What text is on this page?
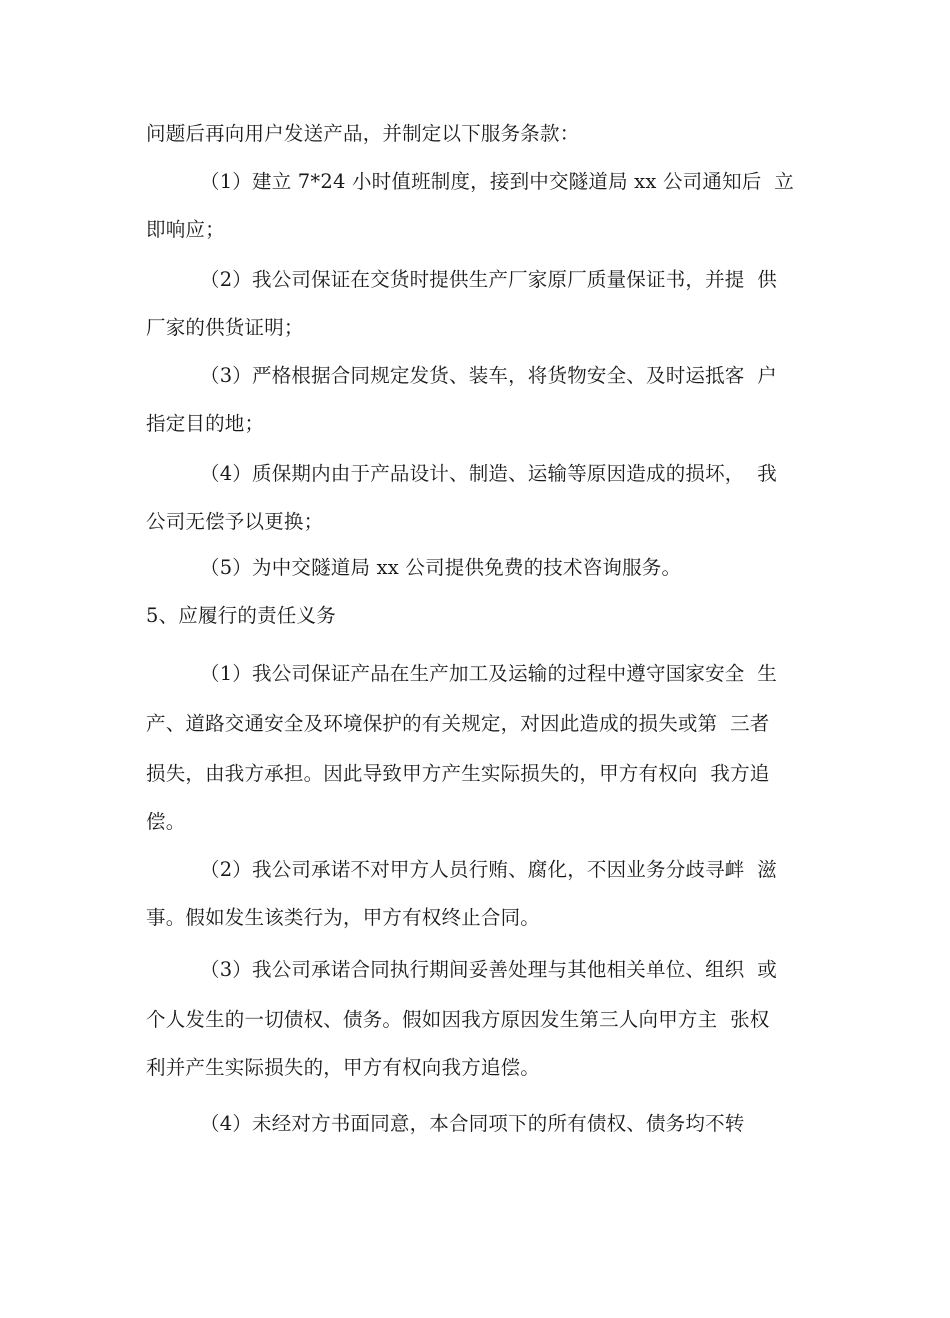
问题后再向用户发送产品，并制定以下服务条款：
（1）建立 7*24 小时值班制度，接到中交隧道局 xx 公司通知后  立
即响应；
（2）我公司保证在交货时提供生产厂家原厂质量保证书，并提  供
厂家的供货证明；
（3）严格根据合同规定发货、装车，将货物安全、及时运抵客  户
指定目的地；
（4）质保期内由于产品设计、制造、运输等原因造成的损坏，  我
公司无偿予以更换；
（5）为中交隧道局 xx 公司提供免费的技术咨询服务。
5、应履行的责任义务
（1）我公司保证产品在生产加工及运输的过程中遵守国家安全  生
产、道路交通安全及环境保护的有关规定，对因此造成的损失或第  三者
损失，由我方承担。因此导致甲方产生实际损失的，甲方有权向  我方追
偿。
（2）我公司承诺不对甲方人员行贿、腐化，不因业务分歧寻衅  滋
事。假如发生该类行为，甲方有权终止合同。
（3）我公司承诺合同执行期间妥善处理与其他相关单位、组织  或
个人发生的一切债权、债务。假如因我方原因发生第三人向甲方主  张权
利并产生实际损失的，甲方有权向我方追偿。
（4）未经对方书面同意，本合同项下的所有债权、债务均不转
